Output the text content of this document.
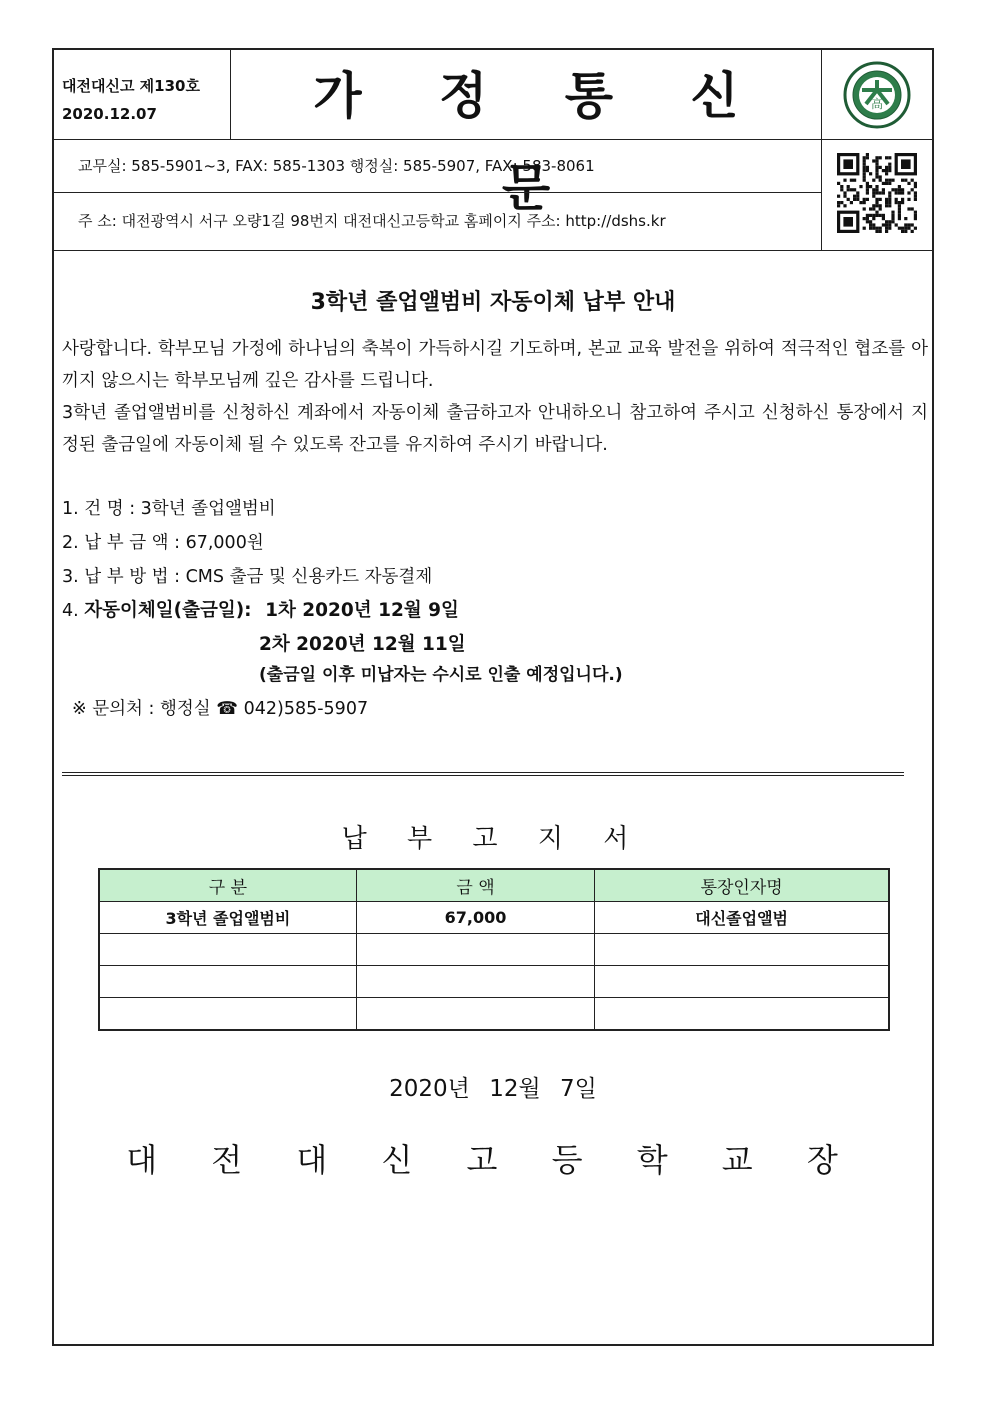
대전대신고 제130호
2020.12.07	가 정 통 신 문
高
교무실: 585-5901~3, FAX: 585-1303 행정실: 585-5907, FAX: 583-8061
주 소: 대전광역시 서구 오량1길 98번지 대전대신고등학교 홈페이지 주소: http://dshs.kr
3학년 졸업앨범비 자동이체 납부 안내
사랑합니다. 학부모님 가정에 하나님의 축복이 가득하시길 기도하며, 본교 교육 발전을 위하여 적극적인 협조를 아끼지 않으시는 학부모님께 깊은 감사를 드립니다.
3학년 졸업앨범비를 신청하신 계좌에서 자동이체 출금하고자 안내하오니 참고하여 주시고 신청하신 통장에서 지정된 출금일에 자동이체 될 수 있도록 잔고를 유지하여 주시기 바랍니다.
1. 건 명 : 3학년 졸업앨범비
2. 납 부 금 액 : 67,000원
3. 납 부 방 법 : CMS 출금 및 신용카드 자동결제
4. 자동이체일(출금일): 1차 2020년 12월 9일
2차 2020년 12월 11일
(출금일 이후 미납자는 수시로 인출 예정입니다.)
※ 문의처 : 행정실 ☎ 042)585-5907
납 부 고 지 서
구 분	금 액	통장인자명
3학년 졸업앨범비	67,000	대신졸업앨범

2020년 12월 7일
대 전 대 신 고 등 학 교 장
